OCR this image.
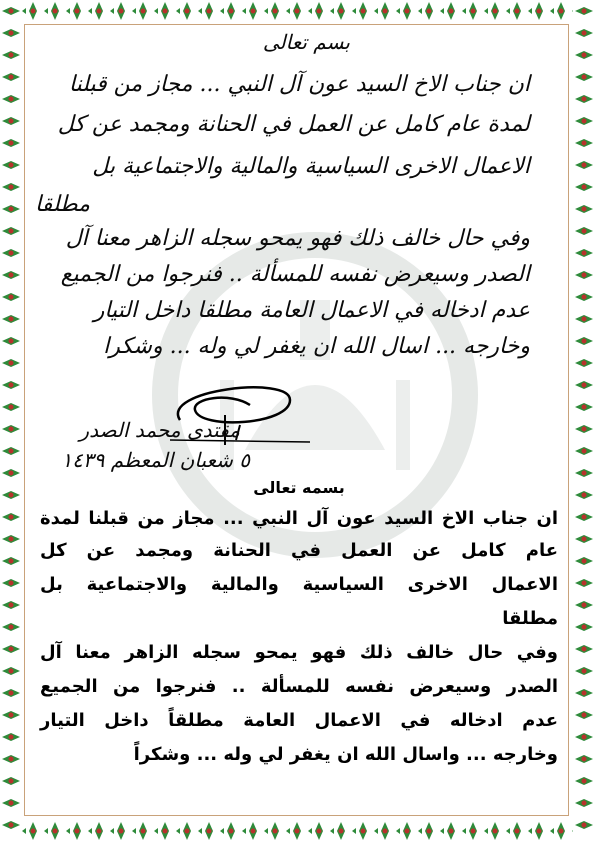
بسم تعالى
ان جناب الاخ السيد عون آل النبي ... مجاز من قبلنا
لمدة عام كامل عن العمل في الحنانة ومجمد عن كل
الاعمال الاخرى السياسية والمالية والاجتماعية بل
مطلقا
وفي حال خالف ذلك فهو يمحو سجله الزاهر معنا آل
الصدر وسيعرض نفسه للمسألة .. فنرجوا من الجميع
عدم ادخاله في الاعمال العامة مطلقا داخل التيار
وخارجه ... اسال الله ان يغفر لي وله ... وشكرا
مقتدى محمد الصدر
٥ شعبان المعظم ١٤٣٩
بسمه تعالى
ان جناب الاخ السيد عون آل النبي ... مجاز من قبلنا لمدة
عام كامل عن العمل في الحنانة ومجمد عن كل
الاعمال الاخرى السياسية والمالية والاجتماعية بل
مطلقا
وفي حال خالف ذلك فهو يمحو سجله الزاهر معنا آل
الصدر وسيعرض نفسه للمسألة .. فنرجوا من الجميع
عدم ادخاله في الاعمال العامة مطلقاً داخل التيار
وخارجه ... واسال الله ان يغفر لي وله ... وشكراً
